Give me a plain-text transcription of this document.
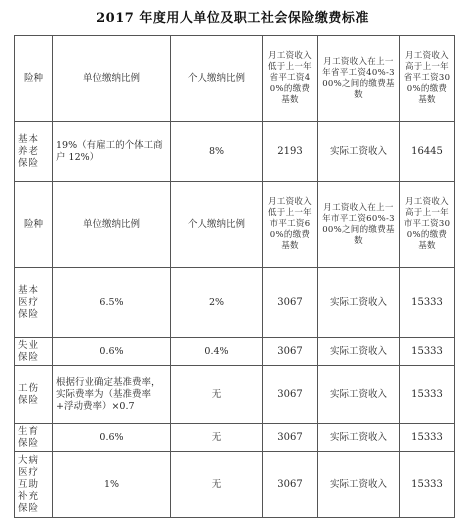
2017 年度用人单位及职工社会保险缴费标准
险种	单位缴纳比例	个人缴纳比例	月工资收入低于上一年省平工资40%的缴费基数	月工资收入在上一年省平工资40%-300%之间的缴费基数	月工资收入高于上一年省平工资300%的缴费基数
基本养老保险	19%（有雇工的个体工商户 12%）	8%	2193	实际工资收入	16445
险种	单位缴纳比例	个人缴纳比例	月工资收入低于上一年市平工资60%的缴费基数	月工资收入在上一年市平工资60%-300%之间的缴费基数	月工资收入高于上一年市平工资300%的缴费基数
基本医疗保险	6.5%	2%	3067	实际工资收入	15333
失业保险	0.6%	0.4%	3067	实际工资收入	15333
工伤保险	根据行业确定基准费率，实际费率为（基准费率+浮动费率）×0.7	无	3067	实际工资收入	15333
生育保险	0.6%	无	3067	实际工资收入	15333
大病医疗互助补充保险	1%	无	3067	实际工资收入	15333
